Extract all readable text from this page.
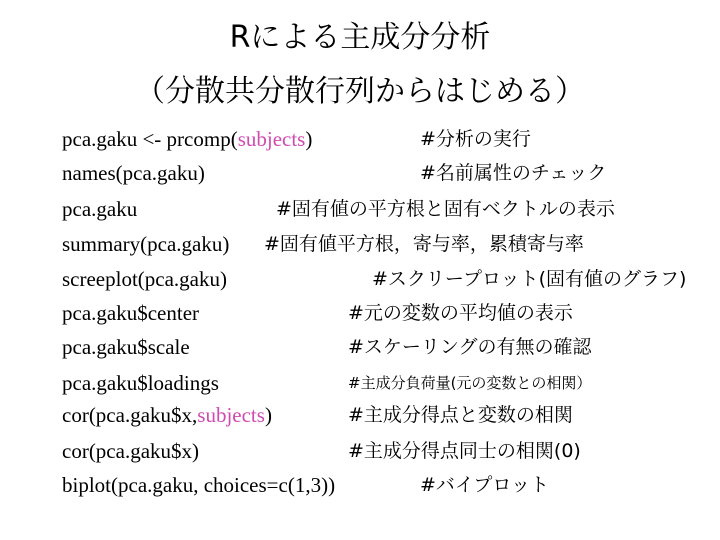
Rによる主成分分析
（分散共分散行列からはじめる）
pca.gaku <- prcomp(subjects)	#分析の実行
names(pca.gaku)	#名前属性のチェック
pca.gaku	#固有値の平方根と固有ベクトルの表示
summary(pca.gaku) #固有値平方根，寄与率，累積寄与率
screeplot(pca.gaku)	#スクリープロット(固有値のグラフ)
pca.gaku$center	#元の変数の平均値の表示
pca.gaku$scale	#スケーリングの有無の確認
pca.gaku$loadings	#主成分負荷量(元の変数との相関）
cor(pca.gaku$x,subjects)	#主成分得点と変数の相関
cor(pca.gaku$x)	#主成分得点同士の相関(0)
biplot(pca.gaku, choices=c(1,3))	#バイプロット
